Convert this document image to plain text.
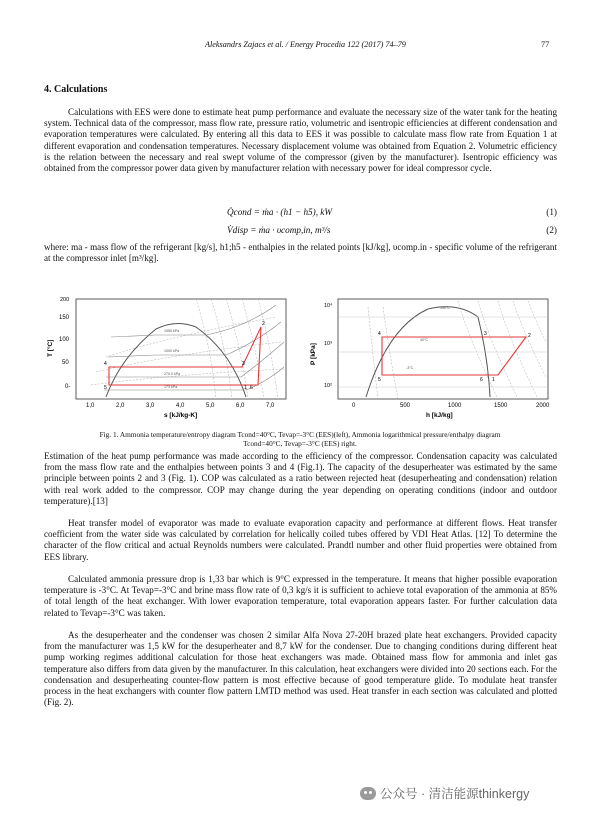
Aleksandrs Zajacs et al. / Energy Procedia 122 (2017) 74–79	77
4. Calculations
Calculations with EES were done to estimate heat pump performance and evaluate the necessary size of the water tank for the heating system. Technical data of the compressor, mass flow rate, pressure ratio, volumetric and isentropic efficiencies at different condensation and evaporation temperatures were calculated. By entering all this data to EES it was possible to calculate mass flow rate from Equation 1 at different evaporation and condensation temperatures. Necessary displacement volume was obtained from Equation 2. Volumetric efficiency is the relation between the necessary and real swept volume of the compressor (given by the manufacturer). Isentropic efficiency was obtained from the compressor power data given by manufacturer relation with necessary power for ideal compressor cycle.
Q̇cond = ṁa · (h1 − h5), kW	(1)
V̇disp = ṁa · υcomp,in, m³/s	(2)
where: ma - mass flow of the refrigerant [kg/s], h1;h5 - enthalpies in the related points [kJ/kg], υcomp.in - specific volume of the refrigerant at the compressor inlet [m³/kg].
1555 kPa
1000 kPa
270.0 kPa
173 kPa	1
2
3
4
5	6
200
150
100
50
0-
T [°C]
1,0	2,0	3,0	4,0	5,0	6,0	7,0
s [kJ/kg-K]
190°C
40°C
-3°C
4	2
3
5	6 1
10⁴
10³
10²
P [kPa]
0	500	1000	1500	2000
h [kJ/kg]
Fig. 1. Ammonia temperature/entropy diagram Tcond=40°C, Tevap=-3°C (EES)(left), Ammonia logarithmical pressure/enthalpy diagram Tcond=40°C, Tevap=-3°C (EES) right.
Estimation of the heat pump performance was made according to the efficiency of the compressor. Condensation capacity was calculated from the mass flow rate and the enthalpies between points 3 and 4 (Fig.1). The capacity of the desuperheater was estimated by the same principle between points 2 and 3 (Fig. 1). COP was calculated as a ratio between rejected heat (desuperheating and condensation) relation with real work added to the compressor. COP may change during the year depending on operating conditions (indoor and outdoor temperature).[13]
Heat transfer model of evaporator was made to evaluate evaporation capacity and performance at different flows. Heat transfer coefficient from the water side was calculated by correlation for helically coiled tubes offered by VDI Heat Atlas. [12] To determine the character of the flow critical and actual Reynolds numbers were calculated. Prandtl number and other fluid properties were obtained from EES library.
Calculated ammonia pressure drop is 1,33 bar which is 9°C expressed in the temperature. It means that higher possible evaporation temperature is -3°C. At Tevap=-3°C and brine mass flow rate of 0,3 kg/s it is sufficient to achieve total evaporation of the ammonia at 85% of total length of the heat exchanger. With lower evaporation temperature, total evaporation appears faster. For further calculation data related to Tevap=-3°C was taken.
As the desuperheater and the condenser was chosen 2 similar Alfa Nova 27-20H brazed plate heat exchangers. Provided capacity from the manufacturer was 1,5 kW for the desuperheater and 8,7 kW for the condenser. Due to changing conditions during different heat pump working regimes additional calculation for those heat exchangers was made. Obtained mass flow for ammonia and inlet gas temperature also differs from data given by the manufacturer. In this calculation, heat exchangers were divided into 20 sections each. For the condensation and desuperheating counter-flow pattern is most effective because of good temperature glide. To modulate heat transfer process in the heat exchangers with counter flow pattern LMTD method was used. Heat transfer in each section was calculated and plotted (Fig. 2).
公众号 · 清洁能源thinkergy
